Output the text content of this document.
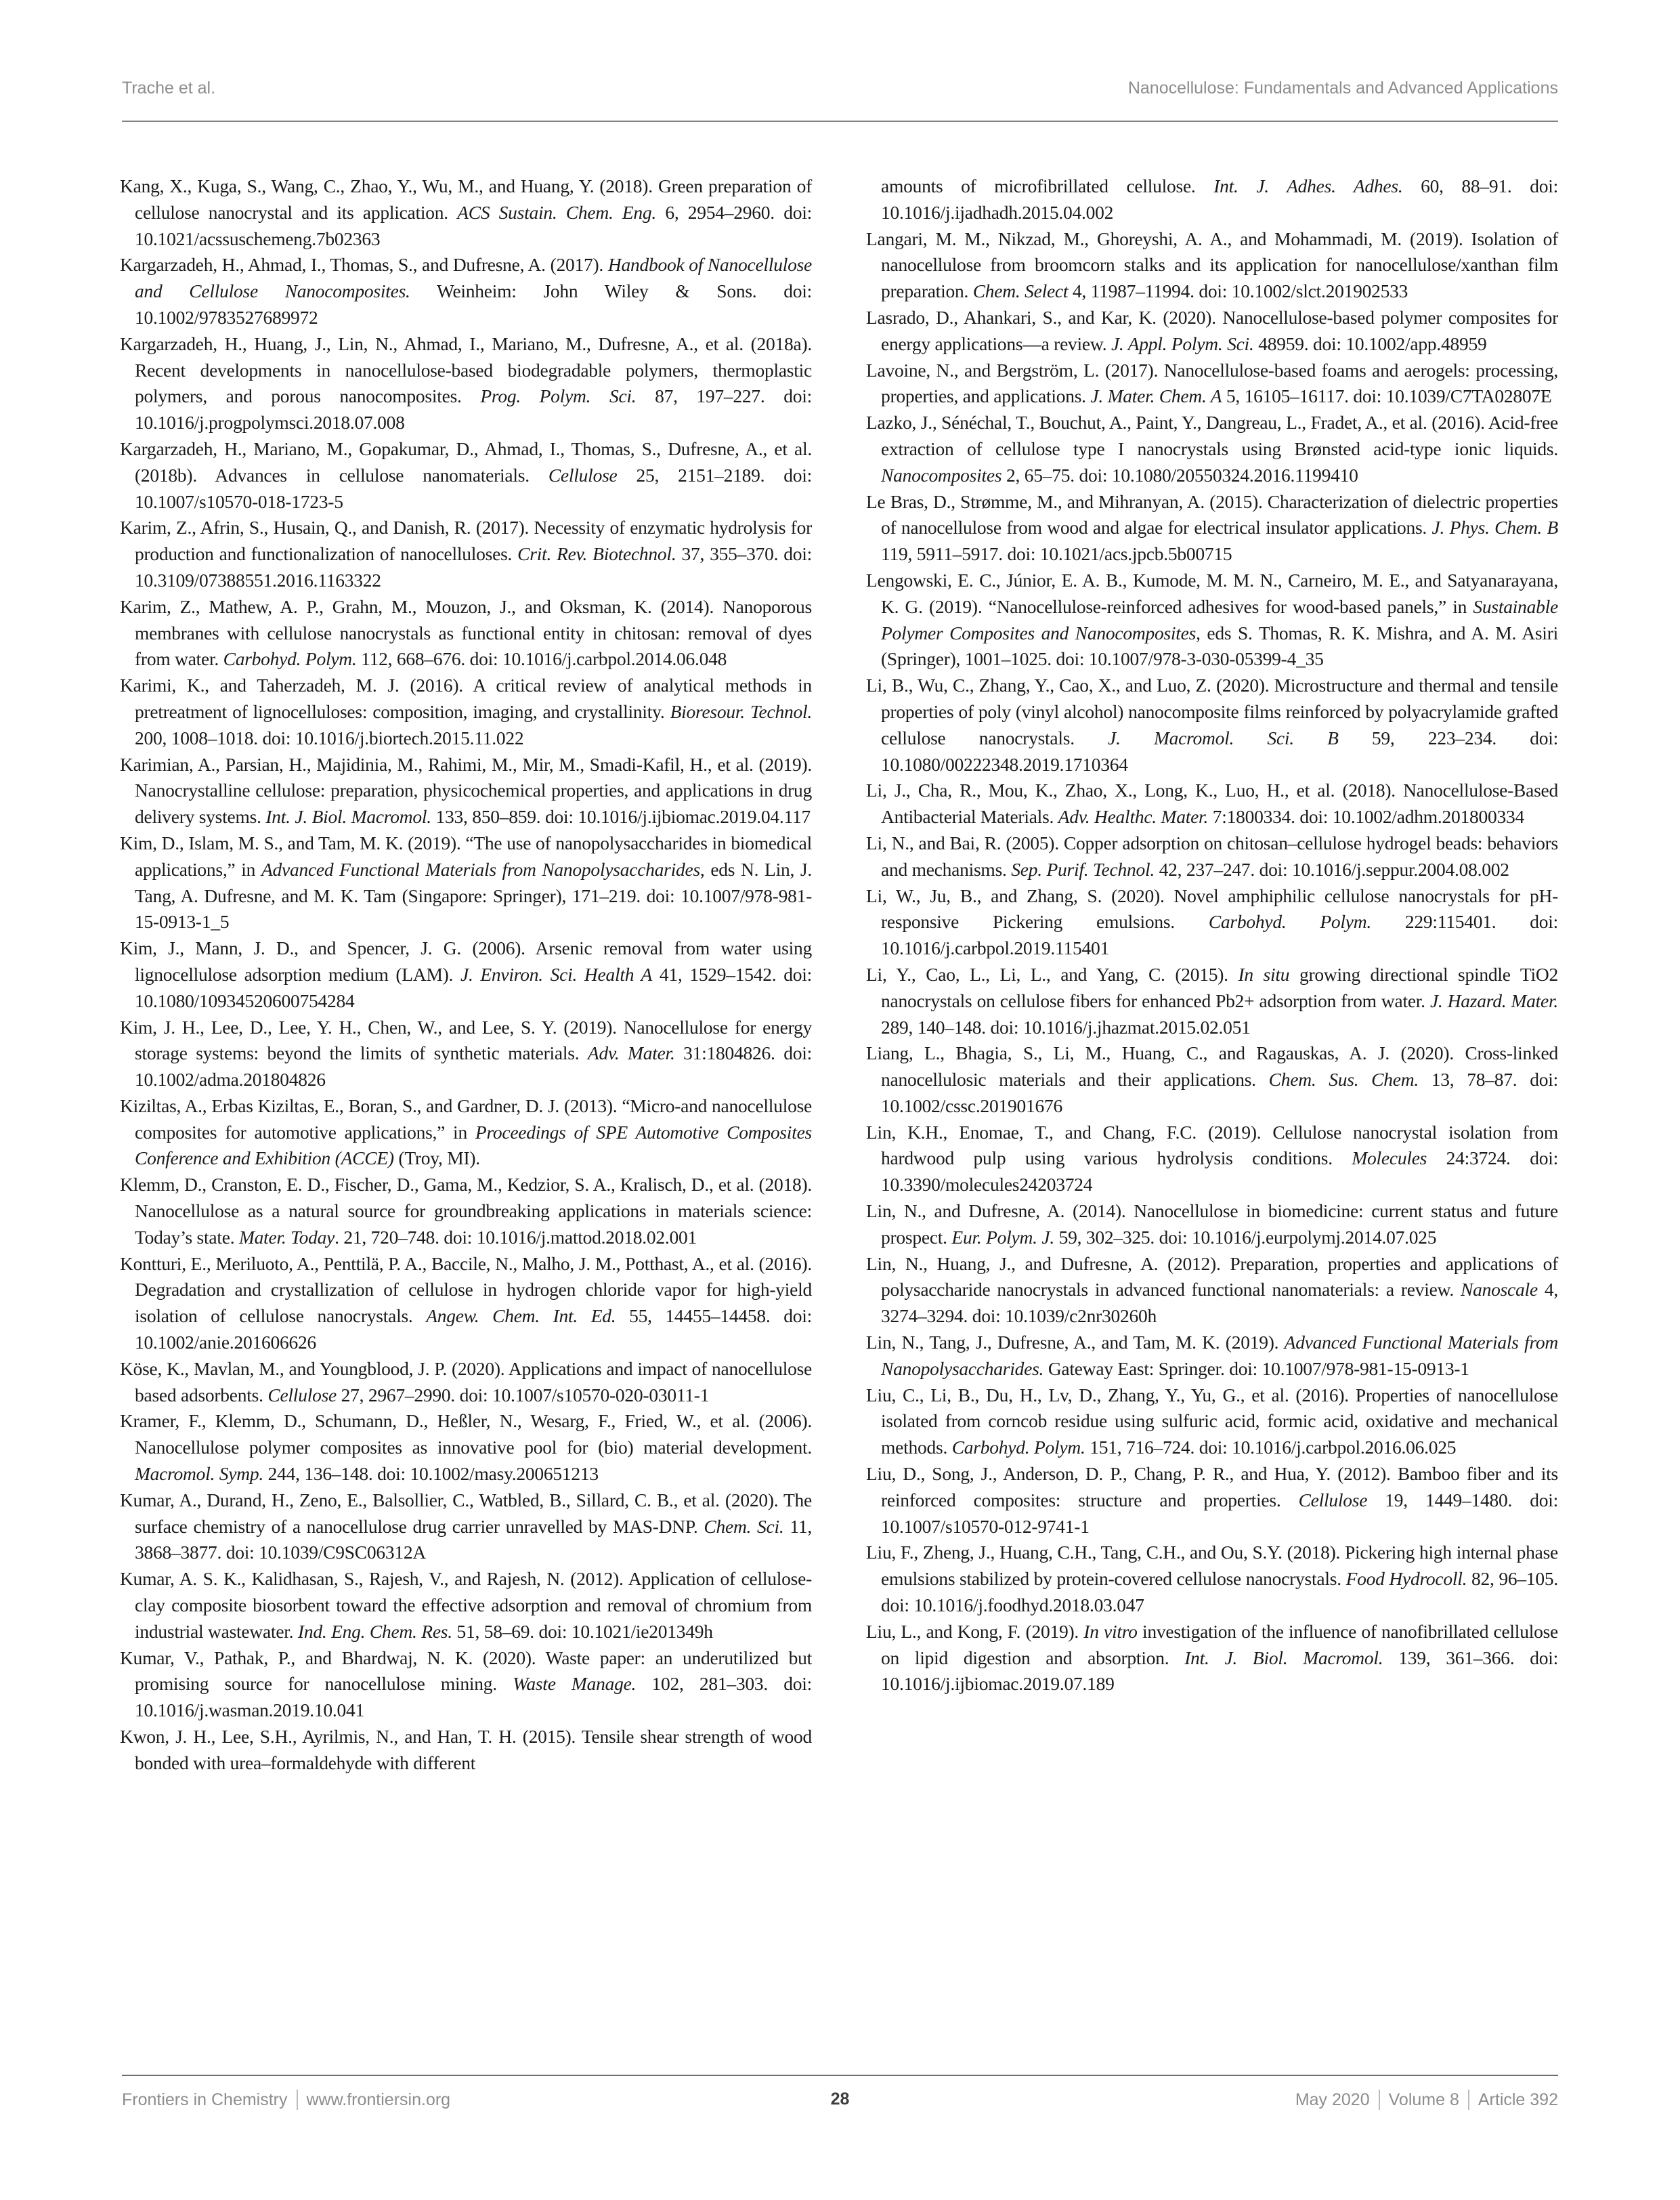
Trache et al.	Nanocellulose: Fundamentals and Advanced Applications

Kang, X., Kuga, S., Wang, C., Zhao, Y., Wu, M., and Huang, Y. (2018). Green preparation of cellulose nanocrystal and its application. ACS Sustain. Chem. Eng. 6, 2954–2960. doi: 10.1021/acssuschemeng.7b02363

Kargarzadeh, H., Ahmad, I., Thomas, S., and Dufresne, A. (2017). Handbook of Nanocellulose and Cellulose Nanocomposites. Weinheim: John Wiley & Sons. doi: 10.1002/9783527689972

Kargarzadeh, H., Huang, J., Lin, N., Ahmad, I., Mariano, M., Dufresne, A., et al. (2018a). Recent developments in nanocellulose-based biodegradable polymers, thermoplastic polymers, and porous nanocomposites. Prog. Polym. Sci. 87, 197–227. doi: 10.1016/j.progpolymsci.2018.07.008

Kargarzadeh, H., Mariano, M., Gopakumar, D., Ahmad, I., Thomas, S., Dufresne, A., et al. (2018b). Advances in cellulose nanomaterials. Cellulose 25, 2151–2189. doi: 10.1007/s10570-018-1723-5

Karim, Z., Afrin, S., Husain, Q., and Danish, R. (2017). Necessity of enzymatic hydrolysis for production and functionalization of nanocelluloses. Crit. Rev. Biotechnol. 37, 355–370. doi: 10.3109/07388551.2016.1163322

Karim, Z., Mathew, A. P., Grahn, M., Mouzon, J., and Oksman, K. (2014). Nanoporous membranes with cellulose nanocrystals as functional entity in chitosan: removal of dyes from water. Carbohyd. Polym. 112, 668–676. doi: 10.1016/j.carbpol.2014.06.048

Karimi, K., and Taherzadeh, M. J. (2016). A critical review of analytical methods in pretreatment of lignocelluloses: composition, imaging, and crystallinity. Bioresour. Technol. 200, 1008–1018. doi: 10.1016/j.biortech.2015.11.022

Karimian, A., Parsian, H., Majidinia, M., Rahimi, M., Mir, M., Smadi-Kafil, H., et al. (2019). Nanocrystalline cellulose: preparation, physicochemical properties, and applications in drug delivery systems. Int. J. Biol. Macromol. 133, 850–859. doi: 10.1016/j.ijbiomac.2019.04.117

Kim, D., Islam, M. S., and Tam, M. K. (2019). “The use of nanopolysaccharides in biomedical applications,” in Advanced Functional Materials from Nanopolysaccharides, eds N. Lin, J. Tang, A. Dufresne, and M. K. Tam (Singapore: Springer), 171–219. doi: 10.1007/978-981-15-0913-1_5

Kim, J., Mann, J. D., and Spencer, J. G. (2006). Arsenic removal from water using lignocellulose adsorption medium (LAM). J. Environ. Sci. Health A 41, 1529–1542. doi: 10.1080/10934520600754284

Kim, J. H., Lee, D., Lee, Y. H., Chen, W., and Lee, S. Y. (2019). Nanocellulose for energy storage systems: beyond the limits of synthetic materials. Adv. Mater. 31:1804826. doi: 10.1002/adma.201804826

Kiziltas, A., Erbas Kiziltas, E., Boran, S., and Gardner, D. J. (2013). “Micro-and nanocellulose composites for automotive applications,” in Proceedings of SPE Automotive Composites Conference and Exhibition (ACCE) (Troy, MI).

Klemm, D., Cranston, E. D., Fischer, D., Gama, M., Kedzior, S. A., Kralisch, D., et al. (2018). Nanocellulose as a natural source for groundbreaking applications in materials science: Today’s state. Mater. Today. 21, 720–748. doi: 10.1016/j.mattod.2018.02.001

Kontturi, E., Meriluoto, A., Penttilä, P. A., Baccile, N., Malho, J. M., Potthast, A., et al. (2016). Degradation and crystallization of cellulose in hydrogen chloride vapor for high-yield isolation of cellulose nanocrystals. Angew. Chem. Int. Ed. 55, 14455–14458. doi: 10.1002/anie.201606626

Köse, K., Mavlan, M., and Youngblood, J. P. (2020). Applications and impact of nanocellulose based adsorbents. Cellulose 27, 2967–2990. doi: 10.1007/s10570-020-03011-1

Kramer, F., Klemm, D., Schumann, D., Heßler, N., Wesarg, F., Fried, W., et al. (2006). Nanocellulose polymer composites as innovative pool for (bio) material development. Macromol. Symp. 244, 136–148. doi: 10.1002/masy.200651213

Kumar, A., Durand, H., Zeno, E., Balsollier, C., Watbled, B., Sillard, C. B., et al. (2020). The surface chemistry of a nanocellulose drug carrier unravelled by MAS-DNP. Chem. Sci. 11, 3868–3877. doi: 10.1039/C9SC06312A

Kumar, A. S. K., Kalidhasan, S., Rajesh, V., and Rajesh, N. (2012). Application of cellulose-clay composite biosorbent toward the effective adsorption and removal of chromium from industrial wastewater. Ind. Eng. Chem. Res. 51, 58–69. doi: 10.1021/ie201349h

Kumar, V., Pathak, P., and Bhardwaj, N. K. (2020). Waste paper: an underutilized but promising source for nanocellulose mining. Waste Manage. 102, 281–303. doi: 10.1016/j.wasman.2019.10.041

Kwon, J. H., Lee, S.H., Ayrilmis, N., and Han, T. H. (2015). Tensile shear strength of wood bonded with urea–formaldehyde with different

amounts of microfibrillated cellulose. Int. J. Adhes. Adhes. 60, 88–91. doi: 10.1016/j.ijadhadh.2015.04.002

Langari, M. M., Nikzad, M., Ghoreyshi, A. A., and Mohammadi, M. (2019). Isolation of nanocellulose from broomcorn stalks and its application for nanocellulose/xanthan film preparation. Chem. Select 4, 11987–11994. doi: 10.1002/slct.201902533

Lasrado, D., Ahankari, S., and Kar, K. (2020). Nanocellulose-based polymer composites for energy applications—a review. J. Appl. Polym. Sci. 48959. doi: 10.1002/app.48959

Lavoine, N., and Bergström, L. (2017). Nanocellulose-based foams and aerogels: processing, properties, and applications. J. Mater. Chem. A 5, 16105–16117. doi: 10.1039/C7TA02807E

Lazko, J., Sénéchal, T., Bouchut, A., Paint, Y., Dangreau, L., Fradet, A., et al. (2016). Acid-free extraction of cellulose type I nanocrystals using Brønsted acid-type ionic liquids. Nanocomposites 2, 65–75. doi: 10.1080/20550324.2016.1199410

Le Bras, D., Strømme, M., and Mihranyan, A. (2015). Characterization of dielectric properties of nanocellulose from wood and algae for electrical insulator applications. J. Phys. Chem. B 119, 5911–5917. doi: 10.1021/acs.jpcb.5b00715

Lengowski, E. C., Júnior, E. A. B., Kumode, M. M. N., Carneiro, M. E., and Satyanarayana, K. G. (2019). “Nanocellulose-reinforced adhesives for wood-based panels,” in Sustainable Polymer Composites and Nanocomposites, eds S. Thomas, R. K. Mishra, and A. M. Asiri (Springer), 1001–1025. doi: 10.1007/978-3-030-05399-4_35

Li, B., Wu, C., Zhang, Y., Cao, X., and Luo, Z. (2020). Microstructure and thermal and tensile properties of poly (vinyl alcohol) nanocomposite films reinforced by polyacrylamide grafted cellulose nanocrystals. J. Macromol. Sci. B 59, 223–234. doi: 10.1080/00222348.2019.1710364

Li, J., Cha, R., Mou, K., Zhao, X., Long, K., Luo, H., et al. (2018). Nanocellulose-Based Antibacterial Materials. Adv. Healthc. Mater. 7:1800334. doi: 10.1002/adhm.201800334

Li, N., and Bai, R. (2005). Copper adsorption on chitosan–cellulose hydrogel beads: behaviors and mechanisms. Sep. Purif. Technol. 42, 237–247. doi: 10.1016/j.seppur.2004.08.002

Li, W., Ju, B., and Zhang, S. (2020). Novel amphiphilic cellulose nanocrystals for pH-responsive Pickering emulsions. Carbohyd. Polym. 229:115401. doi: 10.1016/j.carbpol.2019.115401

Li, Y., Cao, L., Li, L., and Yang, C. (2015). In situ growing directional spindle TiO2 nanocrystals on cellulose fibers for enhanced Pb2+ adsorption from water. J. Hazard. Mater. 289, 140–148. doi: 10.1016/j.jhazmat.2015.02.051

Liang, L., Bhagia, S., Li, M., Huang, C., and Ragauskas, A. J. (2020). Cross-linked nanocellulosic materials and their applications. Chem. Sus. Chem. 13, 78–87. doi: 10.1002/cssc.201901676

Lin, K.H., Enomae, T., and Chang, F.C. (2019). Cellulose nanocrystal isolation from hardwood pulp using various hydrolysis conditions. Molecules 24:3724. doi: 10.3390/molecules24203724

Lin, N., and Dufresne, A. (2014). Nanocellulose in biomedicine: current status and future prospect. Eur. Polym. J. 59, 302–325. doi: 10.1016/j.eurpolymj.2014.07.025

Lin, N., Huang, J., and Dufresne, A. (2012). Preparation, properties and applications of polysaccharide nanocrystals in advanced functional nanomaterials: a review. Nanoscale 4, 3274–3294. doi: 10.1039/c2nr30260h

Lin, N., Tang, J., Dufresne, A., and Tam, M. K. (2019). Advanced Functional Materials from Nanopolysaccharides. Gateway East: Springer. doi: 10.1007/978-981-15-0913-1

Liu, C., Li, B., Du, H., Lv, D., Zhang, Y., Yu, G., et al. (2016). Properties of nanocellulose isolated from corncob residue using sulfuric acid, formic acid, oxidative and mechanical methods. Carbohyd. Polym. 151, 716–724. doi: 10.1016/j.carbpol.2016.06.025

Liu, D., Song, J., Anderson, D. P., Chang, P. R., and Hua, Y. (2012). Bamboo fiber and its reinforced composites: structure and properties. Cellulose 19, 1449–1480. doi: 10.1007/s10570-012-9741-1

Liu, F., Zheng, J., Huang, C.H., Tang, C.H., and Ou, S.Y. (2018). Pickering high internal phase emulsions stabilized by protein-covered cellulose nanocrystals. Food Hydrocoll. 82, 96–105. doi: 10.1016/j.foodhyd.2018.03.047

Liu, L., and Kong, F. (2019). In vitro investigation of the influence of nanofibrillated cellulose on lipid digestion and absorption. Int. J. Biol. Macromol. 139, 361–366. doi: 10.1016/j.ijbiomac.2019.07.189

Frontiers in Chemistry www.frontiersin.org	28	May 2020 Volume 8 Article 392
